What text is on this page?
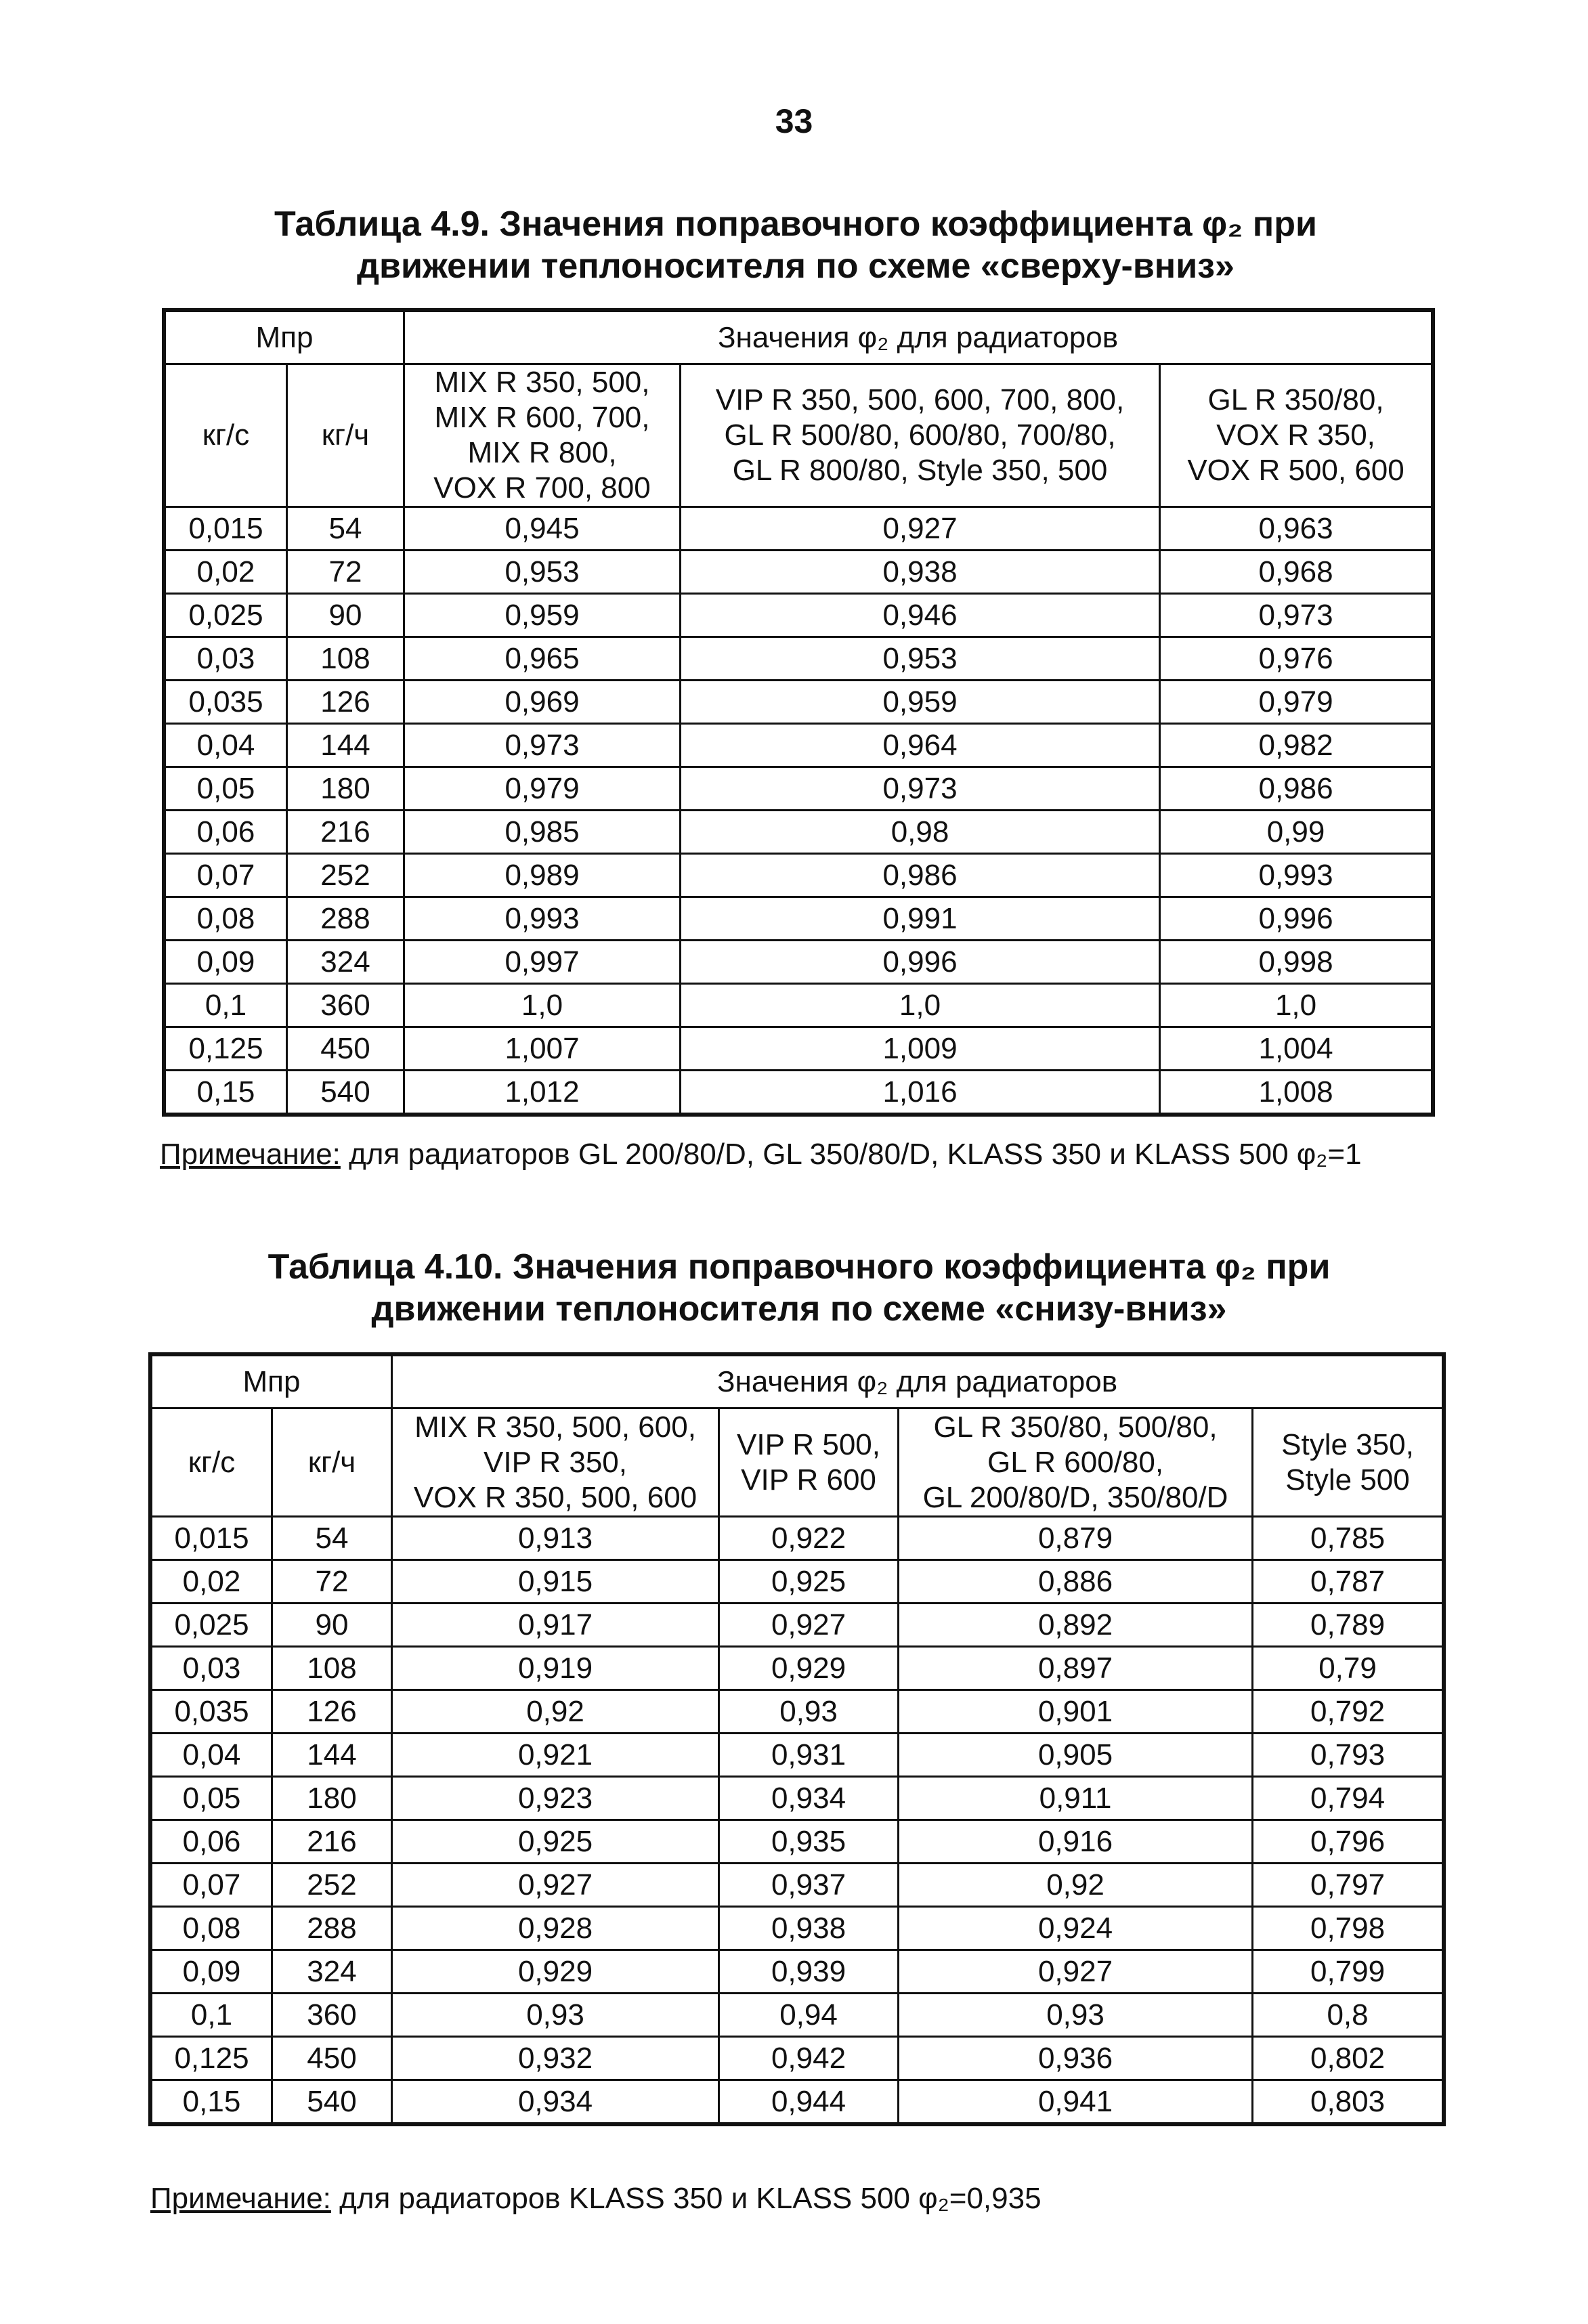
33
Таблица 4.9. Значения поправочного коэффициента φ₂ при
движении теплоносителя по схеме «сверху-вниз»
Mпр		Значения φ₂ для радиаторов		
кг/с	кг/ч	MIX R 350, 500,
MIX R 600, 700,
MIX R 800,
VOX R 700, 800	VIP R 350, 500, 600, 700, 800,
GL R 500/80, 600/80, 700/80,
GL R 800/80, Style 350, 500	GL R 350/80,
VOX R 350,
VOX R 500, 600

0,015	54	0,945	0,927	0,963
0,02	72	0,953	0,938	0,968
0,025	90	0,959	0,946	0,973
0,03	108	0,965	0,953	0,976
0,035	126	0,969	0,959	0,979
0,04	144	0,973	0,964	0,982
0,05	180	0,979	0,973	0,986
0,06	216	0,985	0,98	0,99
0,07	252	0,989	0,986	0,993
0,08	288	0,993	0,991	0,996
0,09	324	0,997	0,996	0,998
0,1	360	1,0	1,0	1,0
0,125	450	1,007	1,009	1,004
0,15	540	1,012	1,016	1,008
Примечание: для радиаторов GL 200/80/D, GL 350/80/D, KLASS 350 и KLASS 500 φ₂=1
Таблица 4.10. Значения поправочного коэффициента φ₂ при
движении теплоносителя по схеме «снизу-вниз»
Mпр		Значения φ₂ для радиаторов			
кг/с	кг/ч	MIX R 350, 500, 600,
VIP R 350,
VOX R 350, 500, 600	VIP R 500,
VIP R 600	GL R 350/80, 500/80,
GL R 600/80,
GL 200/80/D, 350/80/D	Style 350,
Style 500

0,015	54	0,913	0,922	0,879	0,785
0,02	72	0,915	0,925	0,886	0,787
0,025	90	0,917	0,927	0,892	0,789
0,03	108	0,919	0,929	0,897	0,79
0,035	126	0,92	0,93	0,901	0,792
0,04	144	0,921	0,931	0,905	0,793
0,05	180	0,923	0,934	0,911	0,794
0,06	216	0,925	0,935	0,916	0,796
0,07	252	0,927	0,937	0,92	0,797
0,08	288	0,928	0,938	0,924	0,798
0,09	324	0,929	0,939	0,927	0,799
0,1	360	0,93	0,94	0,93	0,8
0,125	450	0,932	0,942	0,936	0,802
0,15	540	0,934	0,944	0,941	0,803
Примечание: для радиаторов KLASS 350 и KLASS 500 φ₂=0,935
